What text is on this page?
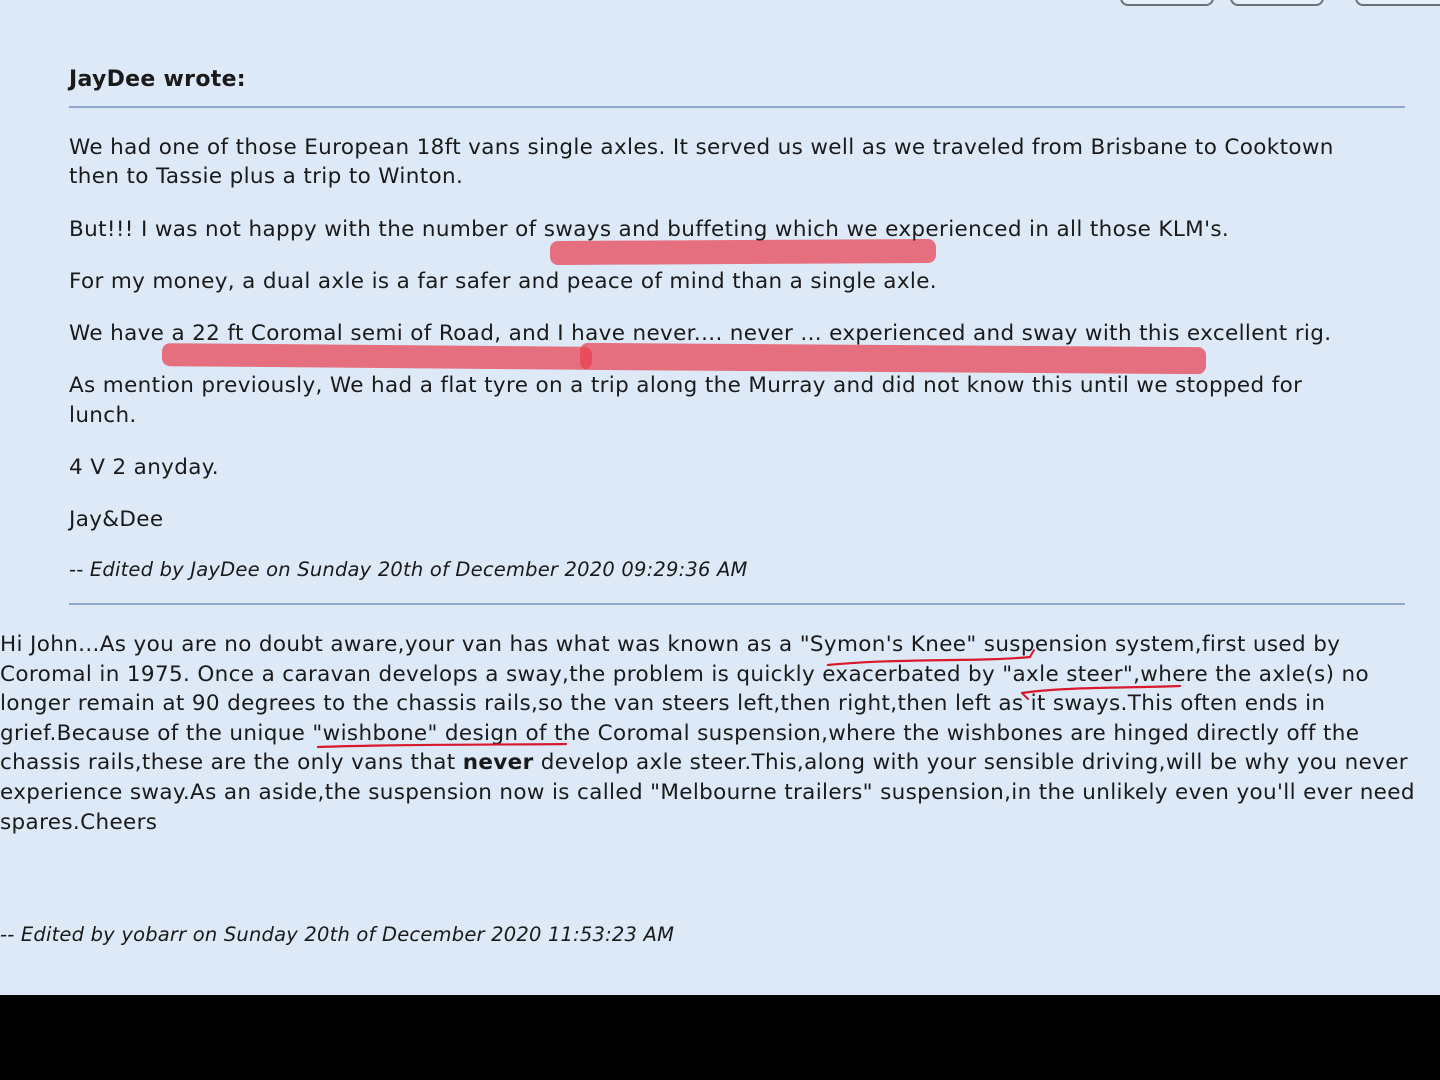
JayDee wrote:
We had one of those European 18ft vans single axles. It served us well as we traveled from Brisbane to Cooktown
then to Tassie plus a trip to Winton.
But!!! I was not happy with the number of sways and buffeting which we experienced in all those KLM's.
For my money, a dual axle is a far safer and peace of mind than a single axle.
We have a 22 ft Coromal semi of Road, and I have never.... never ... experienced and sway with this excellent rig.
As mention previously, We had a flat tyre on a trip along the Murray and did not know this until we stopped for
lunch.
4 V 2 anyday.
Jay&Dee
-- Edited by JayDee on Sunday 20th of December 2020 09:29:36 AM
Hi John...As you are no doubt aware,your van has what was known as a "Symon's Knee" suspension system,first used by
Coromal in 1975. Once a caravan develops a sway,the problem is quickly exacerbated by "axle steer",where the axle(s) no
longer remain at 90 degrees to the chassis rails,so the van steers left,then right,then left as it sways.This often ends in
grief.Because of the unique "wishbone" design of the Coromal suspension,where the wishbones are hinged directly off the
chassis rails,these are the only vans that never develop axle steer.This,along with your sensible driving,will be why you never
experience sway.As an aside,the suspension now is called "Melbourne trailers" suspension,in the unlikely even you'll ever need
spares.Cheers
-- Edited by yobarr on Sunday 20th of December 2020 11:53:23 AM
